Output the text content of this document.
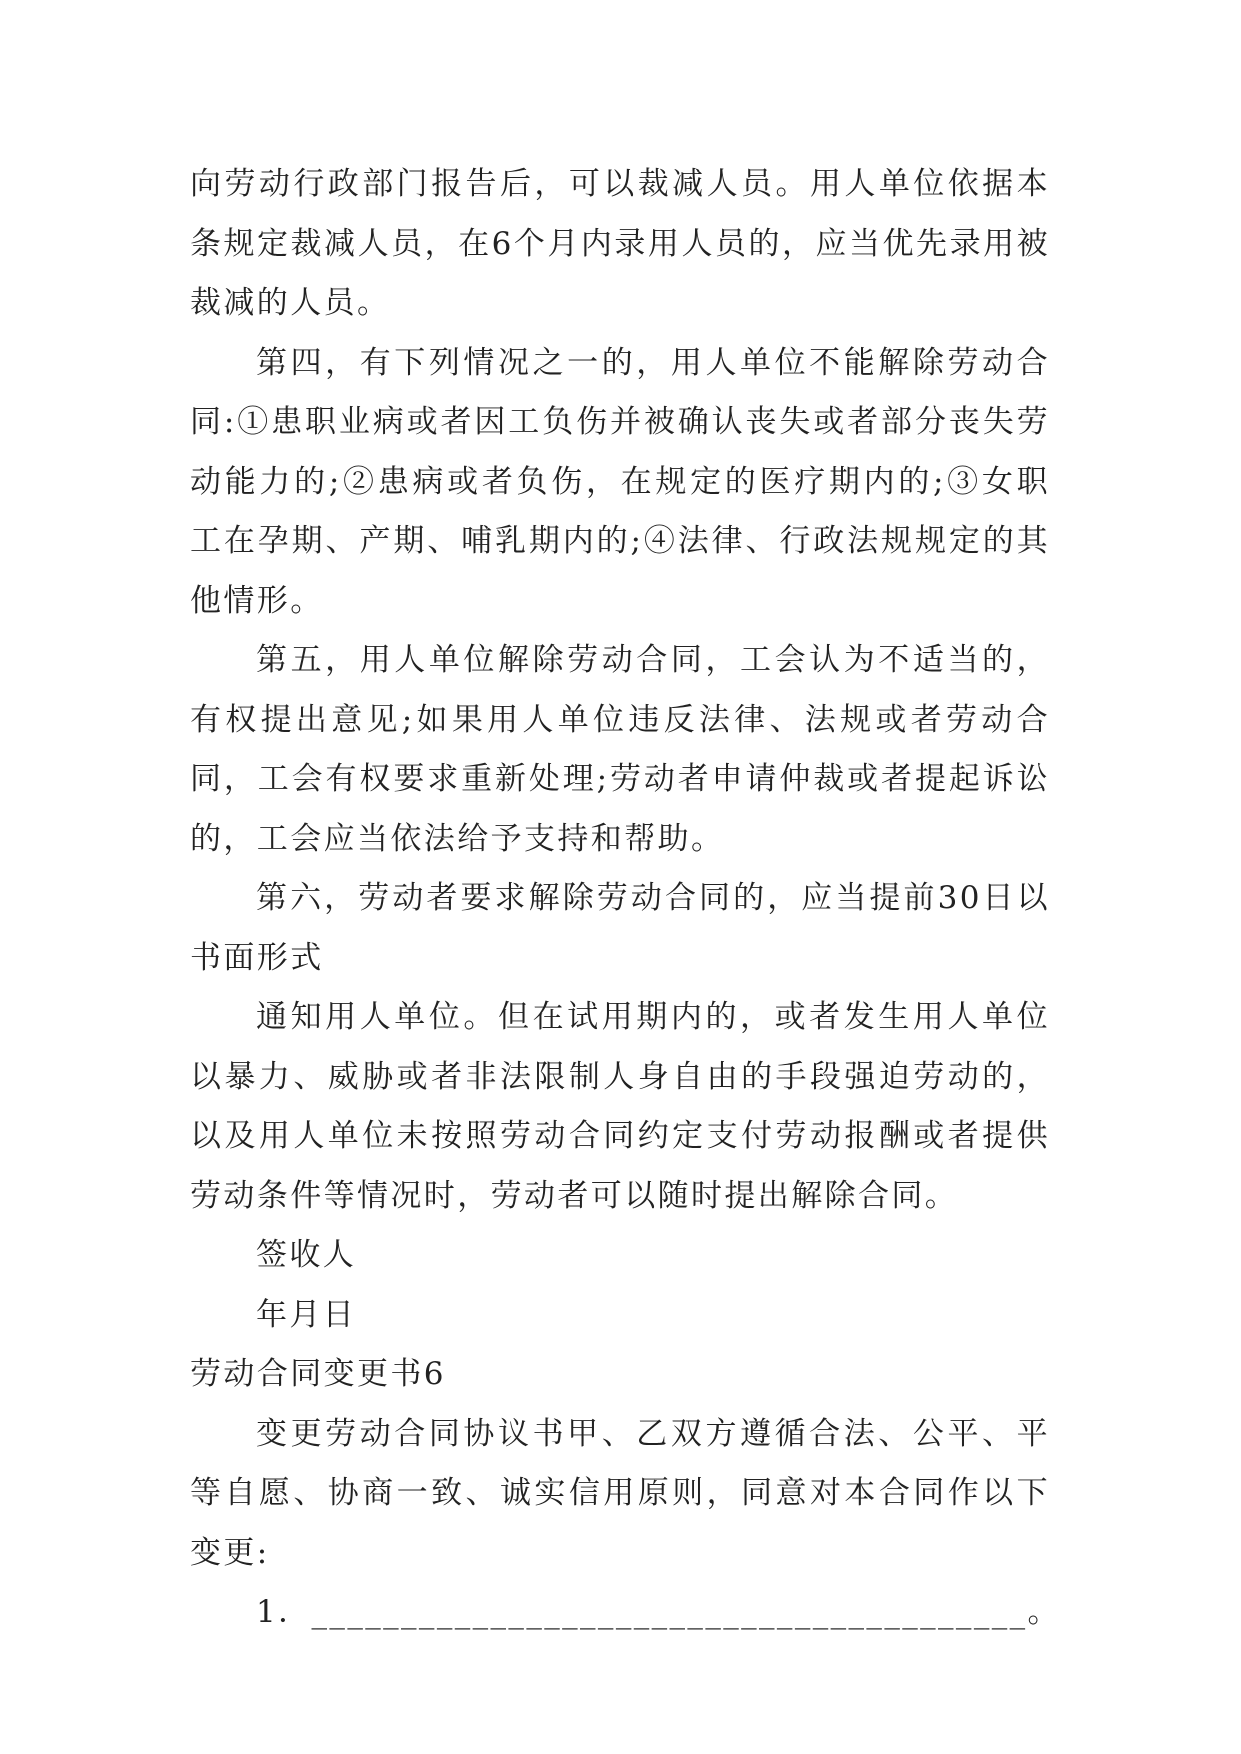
向劳动行政部门报告后，可以裁减人员。用人单位依据本条规定裁减人员，在6个月内录用人员的，应当优先录用被裁减的人员。

第四，有下列情况之一的，用人单位不能解除劳动合同:①患职业病或者因工负伤并被确认丧失或者部分丧失劳动能力的;②患病或者负伤，在规定的医疗期内的;③女职工在孕期、产期、哺乳期内的;④法律、行政法规规定的其他情形。

第五，用人单位解除劳动合同，工会认为不适当的，有权提出意见;如果用人单位违反法律、法规或者劳动合同，工会有权要求重新处理;劳动者申请仲裁或者提起诉讼的，工会应当依法给予支持和帮助。

第六，劳动者要求解除劳动合同的，应当提前30日以书面形式

通知用人单位。但在试用期内的，或者发生用人单位以暴力、威胁或者非法限制人身自由的手段强迫劳动的，以及用人单位未按照劳动合同约定支付劳动报酬或者提供劳动条件等情况时，劳动者可以随时提出解除合同。

签收人

年月日

劳动合同变更书6

变更劳动合同协议书甲、乙双方遵循合法、公平、平等自愿、协商一致、诚实信用原则，同意对本合同作以下变更:

1．________________________________________。
